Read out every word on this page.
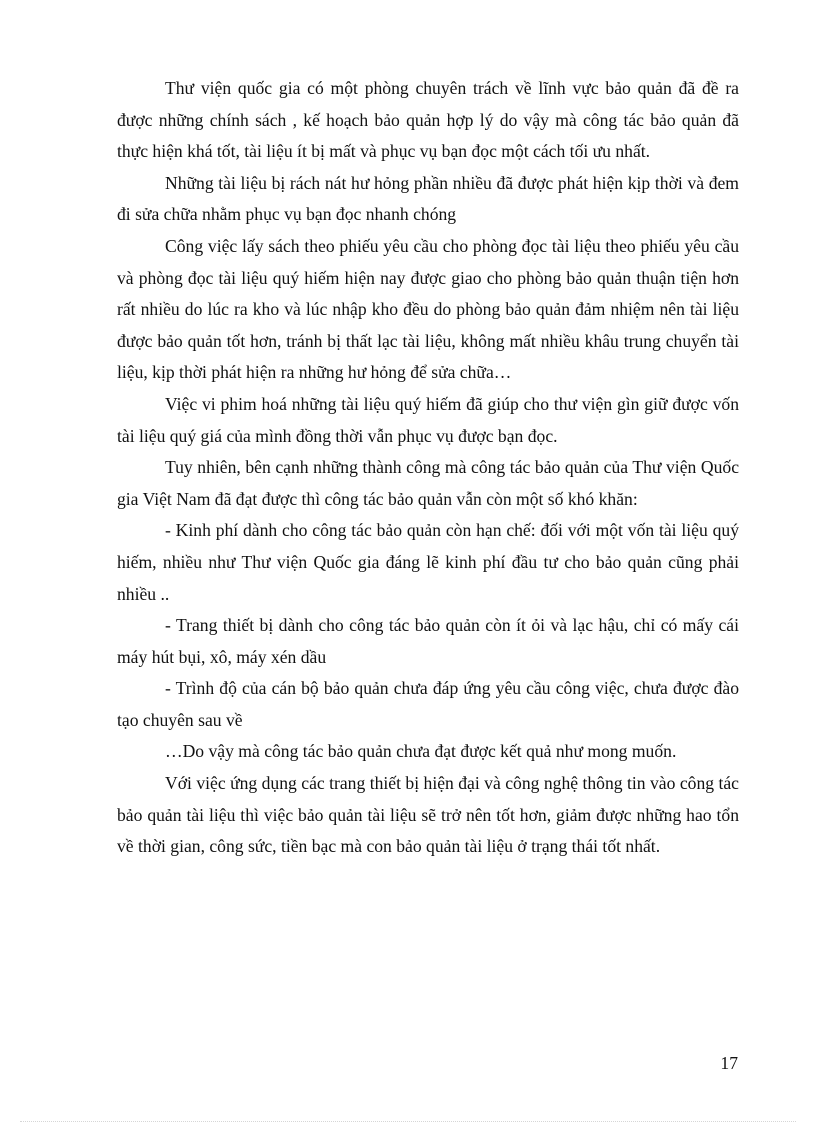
Thư viện quốc gia có một phòng chuyên trách về lĩnh vực bảo quản đã đề ra được những chính sách , kế hoạch bảo quản hợp lý do vậy mà công tác bảo quản đã thực hiện khá tốt, tài liệu ít bị mất và phục vụ bạn đọc một cách tối ưu nhất.

Những tài liệu bị rách nát hư hỏng phần nhiều đã được phát hiện kịp thời và đem đi sửa chữa nhằm phục vụ bạn đọc nhanh chóng

Công việc lấy sách theo phiếu yêu cầu cho phòng đọc tài liệu theo phiếu yêu cầu và phòng đọc tài liệu quý hiếm hiện nay được giao cho phòng bảo quản thuận tiện hơn rất nhiều do lúc ra kho và lúc nhập kho đều do phòng bảo quản đảm nhiệm nên tài liệu được bảo quản tốt hơn, tránh bị thất lạc tài liệu, không mất nhiều khâu trung chuyển tài liệu, kịp thời phát hiện ra những hư hỏng để sửa chữa…

Việc vi phim hoá những tài liệu quý hiếm đã giúp cho thư viện gìn giữ được vốn tài liệu quý giá của mình đồng thời vẫn phục vụ được bạn đọc.

Tuy nhiên, bên cạnh những thành công mà công tác bảo quản của Thư viện Quốc gia Việt Nam đã đạt được thì công tác bảo quản vẫn còn một số khó khăn:

- Kinh phí dành cho công tác bảo quản còn hạn chế: đối với một vốn tài liệu quý hiếm, nhiều như Thư viện Quốc gia đáng lẽ kinh phí đầu tư cho bảo quản cũng phải nhiều ..

- Trang thiết bị dành cho công tác bảo quản còn ít ỏi và lạc hậu, chỉ có mấy cái máy hút bụi, xô, máy xén dầu

- Trình độ của cán bộ bảo quản chưa đáp ứng yêu cầu công việc, chưa được đào tạo chuyên sau về

…Do vậy mà công tác bảo quản chưa đạt được kết quả như mong muốn.

Với việc ứng dụng các trang thiết bị hiện đại và công nghệ thông tin vào công tác bảo quản tài liệu thì việc bảo quản tài liệu sẽ trở nên tốt hơn, giảm được những hao tổn về thời gian, công sức, tiền bạc mà con bảo quản tài liệu ở trạng thái tốt nhất.

17
